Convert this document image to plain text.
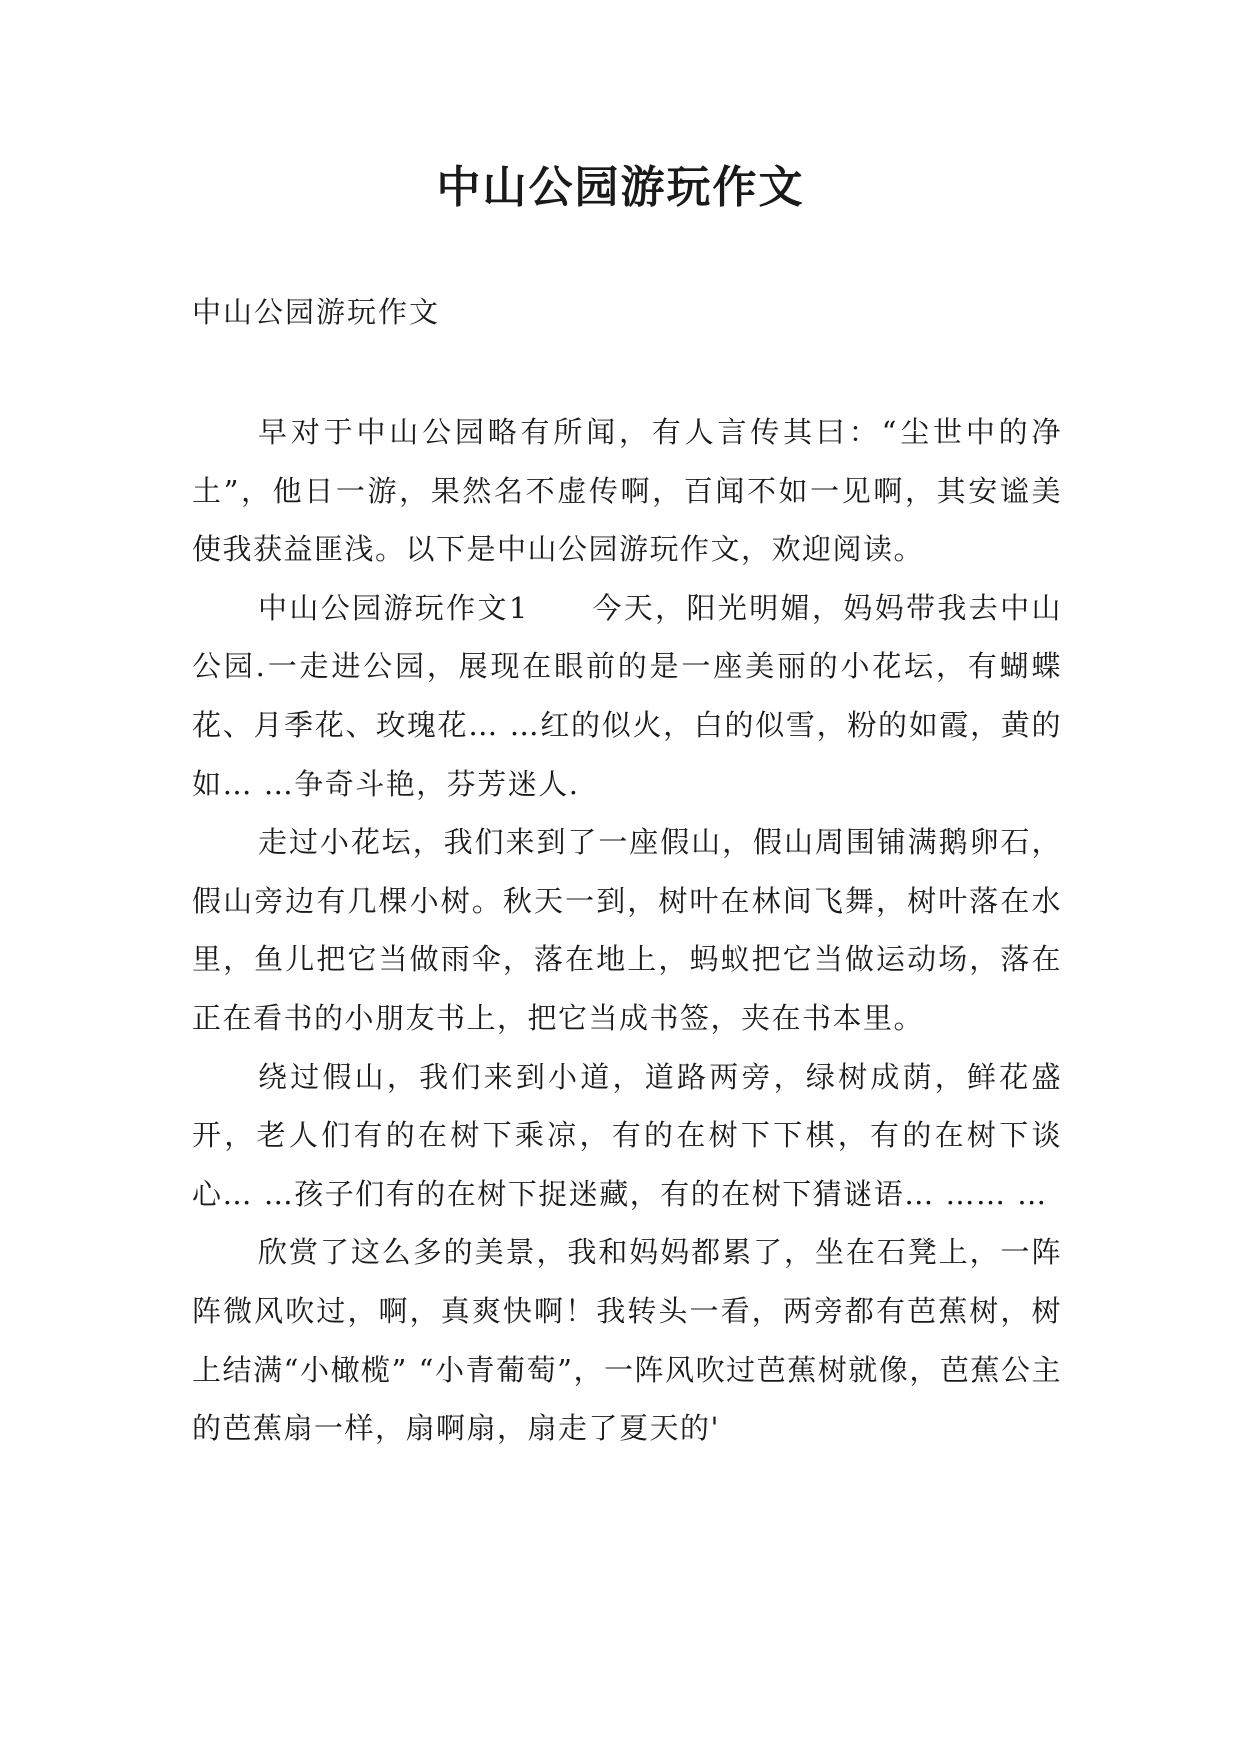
中山公园游玩作文

中山公园游玩作文

早对于中山公园略有所闻，有人言传其曰：“尘世中的净土”，他日一游，果然名不虚传啊，百闻不如一见啊，其安谧美使我获益匪浅。以下是中山公园游玩作文，欢迎阅读。

中山公园游玩作文1　　今天，阳光明媚，妈妈带我去中山公园.一走进公园，展现在眼前的是一座美丽的小花坛，有蝴蝶花、月季花、玫瑰花… …红的似火，白的似雪，粉的如霞，黄的如… …争奇斗艳，芬芳迷人.

走过小花坛，我们来到了一座假山，假山周围铺满鹅卵石，假山旁边有几棵小树。秋天一到，树叶在林间飞舞，树叶落在水里，鱼儿把它当做雨伞，落在地上，蚂蚁把它当做运动场，落在正在看书的小朋友书上，把它当成书签，夹在书本里。

绕过假山，我们来到小道，道路两旁，绿树成荫，鲜花盛开，老人们有的在树下乘凉，有的在树下下棋，有的在树下谈心… …孩子们有的在树下捉迷藏，有的在树下猜谜语… …… …

欣赏了这么多的美景，我和妈妈都累了，坐在石凳上，一阵阵微风吹过，啊，真爽快啊！我转头一看，两旁都有芭蕉树，树上结满“小橄榄” “小青葡萄”，一阵风吹过芭蕉树就像，芭蕉公主的芭蕉扇一样，扇啊扇，扇走了夏天的'
